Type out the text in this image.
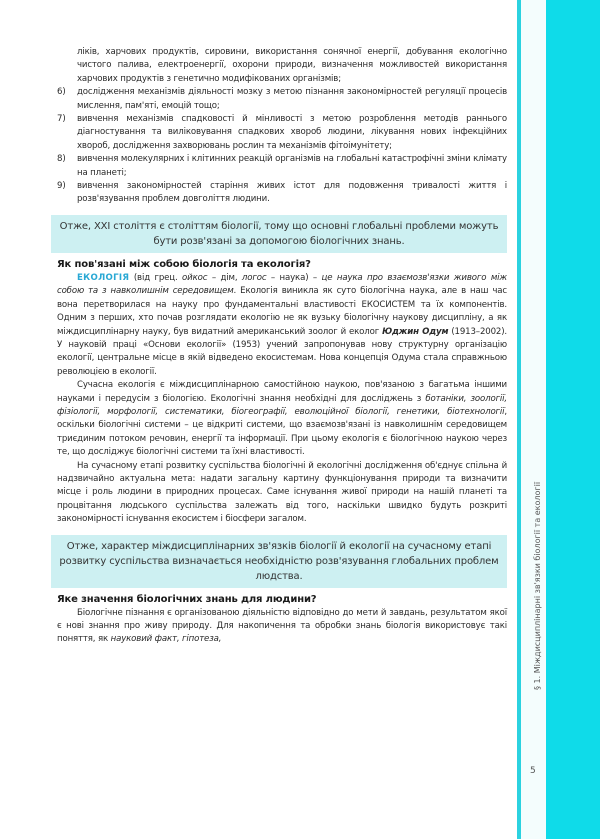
§ 1. Міждисциплінарні зв'язки біології та екології
5
ліків, харчових продуктів, сировини, використання сонячної енергії, добування екологічно чистого палива, електроенергії, охорони природи, визначення можливостей використання харчових продуктів з генетично модифікованих організмів;
6)	дослідження механізмів діяльності мозку з метою пізнання закономірностей регуляції процесів мислення, пам'яті, емоцій тощо;
7)	вивчення механізмів спадковості й мінливості з метою розроблення методів раннього діагностування та виліковування спадкових хвороб людини, лікування нових інфекційних хвороб, дослідження захворювань рослин та механізмів фітоімунітету;
8)	вивчення молекулярних і клітинних реакцій організмів на глобальні катастрофічні зміни клімату на планеті;
9)	вивчення закономірностей старіння живих істот для подовження тривалості життя і розв'язування проблем довголіття людини.
Отже, XXI століття є століттям біології, тому що основні глобальні проблеми можуть бути розв'язані за допомогою біологічних знань.
Як пов'язані між собою біологія та екологія?
ЕКОЛОГІЯ (від грец. ойкос – дім, логос – наука) – це наука про взаємозв'язки живого між собою та з навколишнім середовищем. Екологія виникла як суто біологічна наука, але в наш час вона перетворилася на науку про фундаментальні властивості ЕКОСИСТЕМ та їх компонентів. Одним з перших, хто почав розглядати екологію не як вузьку біологічну наукову дисципліну, а як міждисциплінарну науку, був видатний американський зоолог й еколог Юджин Одум (1913–2002). У науковій праці «Основи екології» (1953) учений запропонував нову структурну організацію екології, центральне місце в якій відведено екосистемам. Нова концепція Одума стала справжньою революцією в екології.
Сучасна екологія є міждисциплінарною самостійною наукою, пов'язаною з багатьма іншими науками і передусім з біологією. Екологічні знання необхідні для досліджень з ботаніки, зоології, фізіології, морфології, систематики, біогеографії, еволюційної біології, генетики, біотехнології, оскільки біологічні системи – це відкриті системи, що взаємозв'язані із навколишнім середовищем триєдиним потоком речовин, енергії та інформації. При цьому екологія є біологічною наукою через те, що досліджує біологічні системи та їхні властивості.
На сучасному етапі розвитку суспільства біологічні й екологічні дослідження об'єднує спільна й надзвичайно актуальна мета: надати загальну картину функціонування природи та визначити місце і роль людини в природних процесах. Саме існування живої природи на нашій планеті та процвітання людського суспільства залежать від того, наскільки швидко будуть розкриті закономірності існування екосистем і біосфери загалом.
Отже, характер міждисциплінарних зв'язків біології й екології на сучасному етапі розвитку суспільства визначається необхідністю розв'язування глобальних проблем людства.
Яке значення біологічних знань для людини?
Біологічне пізнання є організованою діяльністю відповідно до мети й завдань, результатом якої є нові знання про живу природу. Для накопичення та обробки знань біологія використовує такі поняття, як науковий факт, гіпотеза,
